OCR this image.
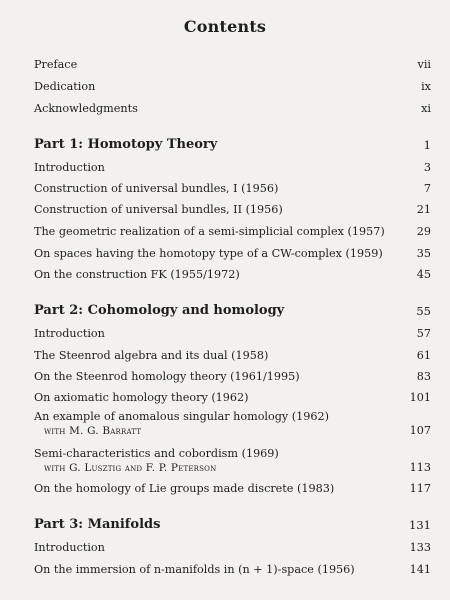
Contents
Preface	vii
Dedication	ix
Acknowledgments	xi
Part 1: Homotopy Theory	1
Introduction	3
Construction of universal bundles, I (1956)	7
Construction of universal bundles, II (1956)	21
The geometric realization of a semi-simplicial complex (1957)	29
On spaces having the homotopy type of a CW-complex (1959)	35
On the construction FK (1955/1972)	45
Part 2: Cohomology and homology	55
Introduction	57
The Steenrod algebra and its dual (1958)	61
On the Steenrod homology theory (1961/1995)	83
On axiomatic homology theory (1962)	101
An example of anomalous singular homology (1962)
with M. G. Barratt	107
Semi-characteristics and cobordism (1969)
with G. Lusztig and F. P. Peterson	113
On the homology of Lie groups made discrete (1983)	117
Part 3: Manifolds	131
Introduction	133
On the immersion of n-manifolds in (n + 1)-space (1956)	141
